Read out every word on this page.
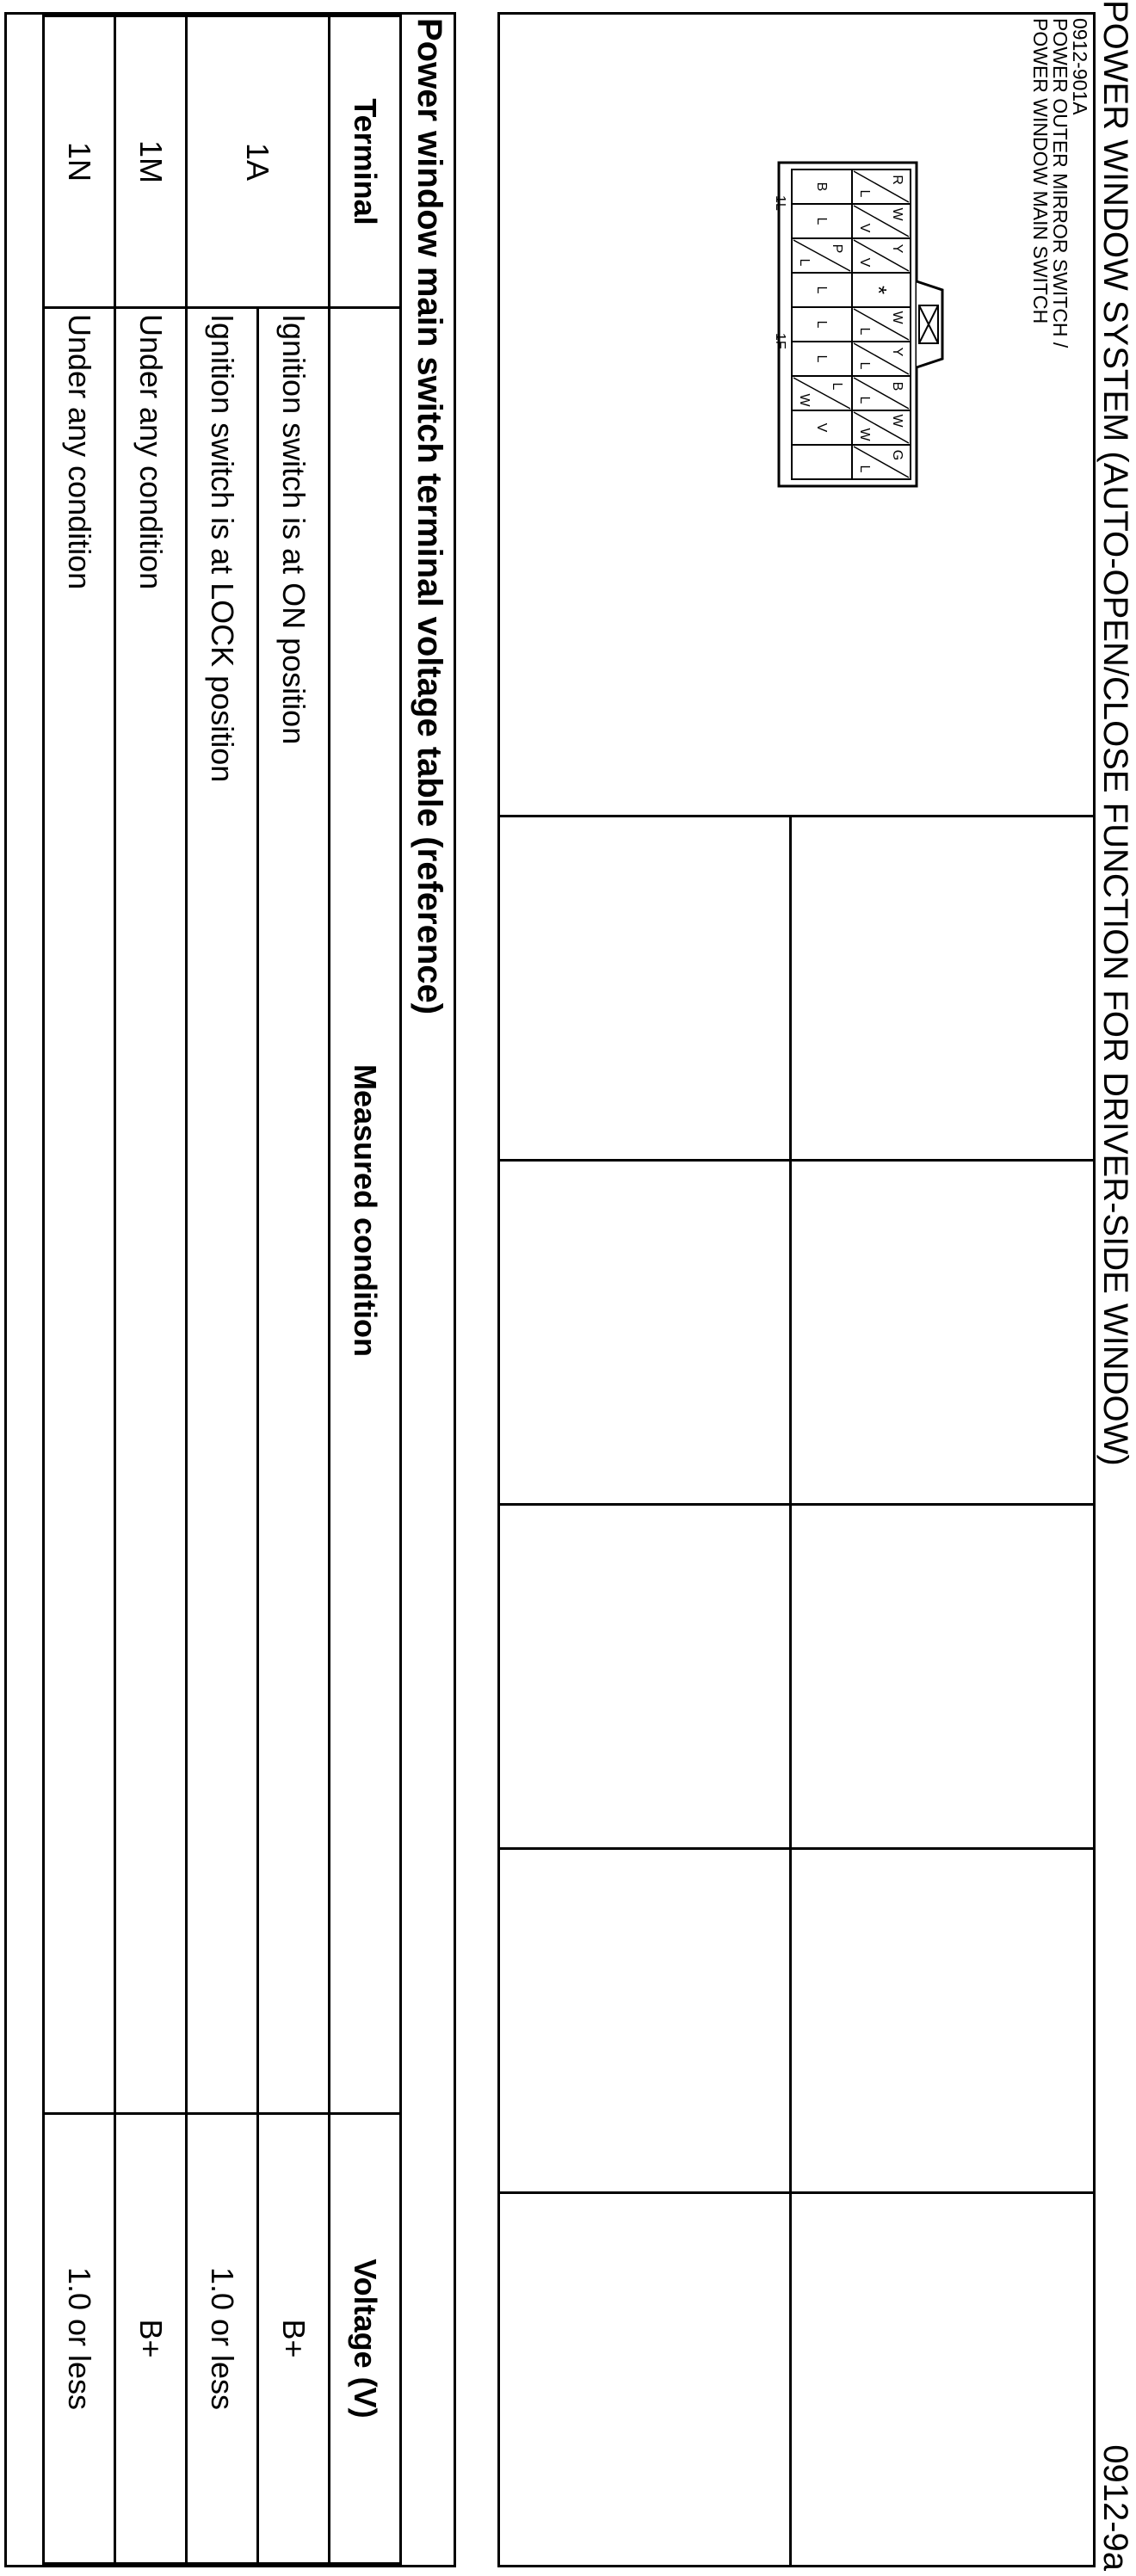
POWER WINDOW SYSTEM (AUTO-OPEN/CLOSE FUNCTION FOR DRIVER-SIDE WINDOW)
0912-9a
0912-901A
POWER OUTER MIRROR SWITCH /
POWER WINDOW MAIN SWITCH
R
L
W
V
Y
V
*
W
L
Y
L
B
L
W
W
G
L
B
L
P
L
L
L
L
L
W
V
1L
1F
Power window main switch terminal voltage table (reference)
Terminal	Measured condition	Voltage (V)
1A	Ignition switch is at ON position	B+
	Ignition switch is at LOCK position	1.0 or less
1M	Under any condition	B+
1N	Under any condition	1.0 or less
